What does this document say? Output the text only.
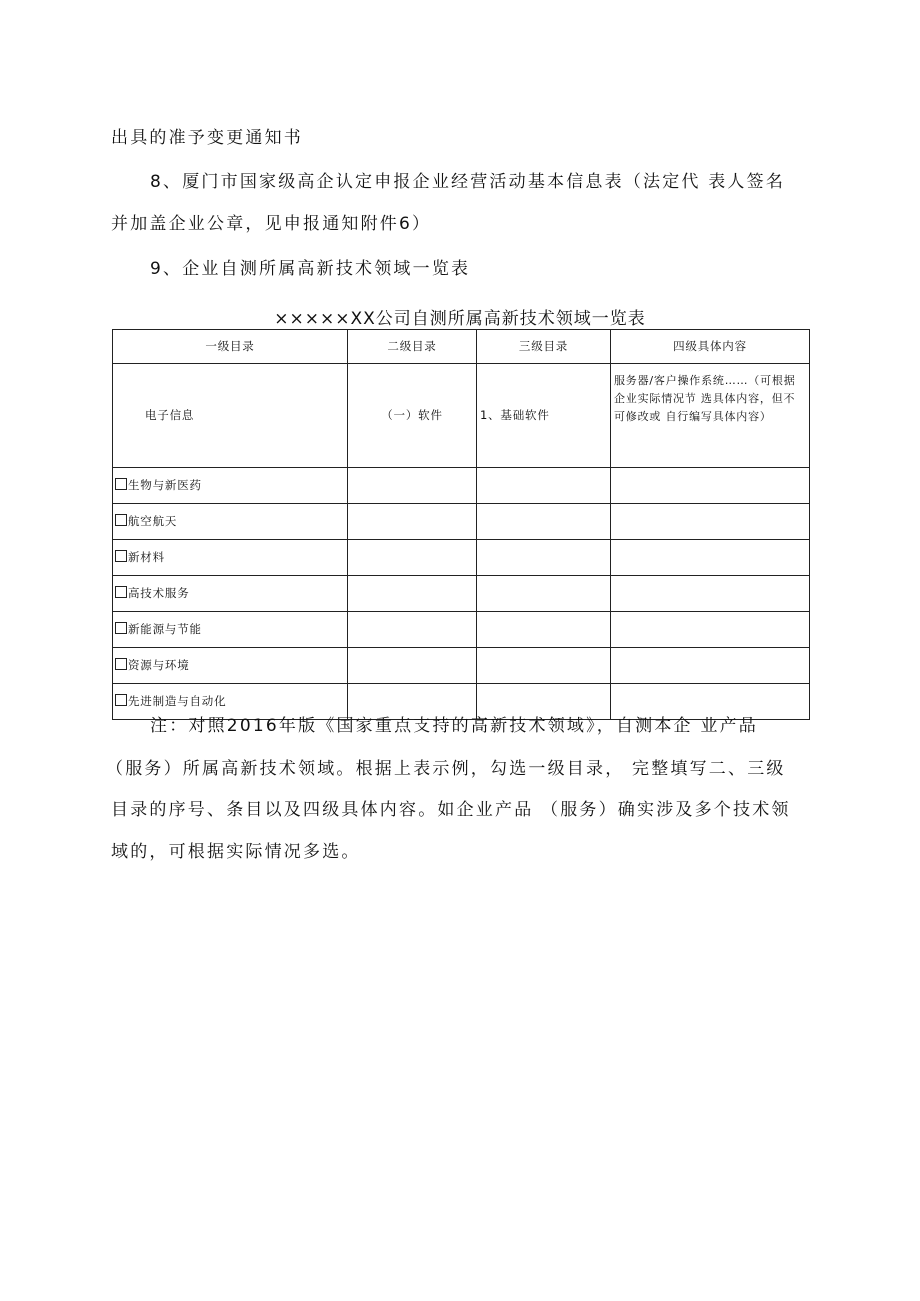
出具的准予变更通知书
8、厦门市国家级高企认定申报企业经营活动基本信息表（法定代 表人签名
并加盖企业公章，见申报通知附件6）
9、企业自测所属高新技术领域一览表
×××××XX公司自测所属高新技术领域一览表
一级目录	二级目录	三级目录	四级具体内容
电子信息	（一）软件	1、基础软件	服务器/客户操作系统……（可根据企业实际情况节 选具体内容，但不可修改或 自行编写具体内容）
生物与新医药			
航空航天			
新材料			
高技术服务			
新能源与节能			
资源与环境			
先进制造与自动化			
注：对照2016年版《国家重点支持的高新技术领域》，自测本企 业产品
（服务）所属高新技术领域。根据上表示例，勾选一级目录， 完整填写二、三级
目录的序号、条目以及四级具体内容。如企业产品 （服务）确实涉及多个技术领
域的，可根据实际情况多选。
